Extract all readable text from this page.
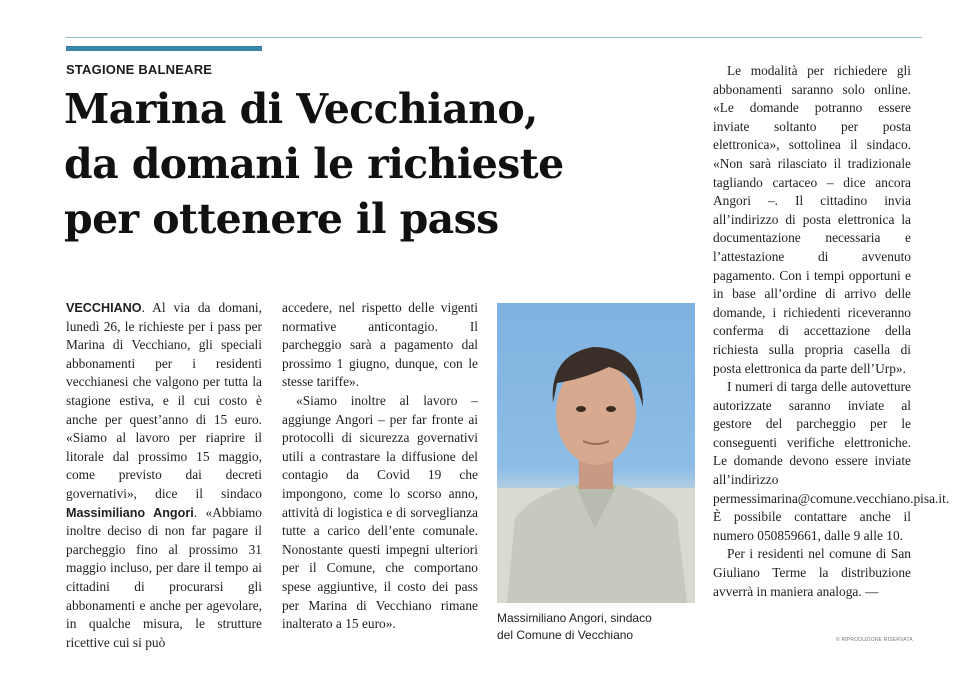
STAGIONE BALNEARE
Marina di Vecchiano,
da domani le richieste
per ottenere il pass

VECCHIANO. Al via da domani, lunedì 26, le richieste per i pass per Marina di Vecchiano, gli speciali abbonamenti per i residenti vecchianesi che valgono per tutta la stagione estiva, e il cui costo è anche per quest’anno di 15 euro. «Siamo al lavoro per riaprire il litorale dal prossimo 15 maggio, come previsto dai decreti governativi», dice il sindaco Massimiliano Angori. «Abbiamo inoltre deciso di non far pagare il parcheggio fino al prossimo 31 maggio incluso, per dare il tempo ai cittadini di procurarsi gli abbonamenti e anche per agevolare, in qualche misura, le strutture ricettive cui si può

accedere, nel rispetto delle vigenti normative anticontagio. Il parcheggio sarà a pagamento dal prossimo 1 giugno, dunque, con le stesse tariffe».

«Siamo inoltre al lavoro – aggiunge Angori – per far fronte ai protocolli di sicurezza governativi utili a contrastare la diffusione del contagio da Covid 19 che impongono, come lo scorso anno, attività di logistica e di sorveglianza tutte a carico dell’ente comunale. Nonostante questi impegni ulteriori per il Comune, che comportano spese aggiuntive, il costo dei pass per Marina di Vecchiano rimane inalterato a 15 euro».	Massimiliano Angori, sindaco
del Comune di Vecchiano

Le modalità per richiedere gli abbonamenti saranno solo online. «Le domande potranno essere inviate soltanto per posta elettronica», sottolinea il sindaco. «Non sarà rilasciato il tradizionale tagliando cartaceo – dice ancora Angori –. Il cittadino invia all’indirizzo di posta elettronica la documentazione necessaria e l’attestazione di avvenuto pagamento. Con i tempi opportuni e in base all’ordine di arrivo delle domande, i richiedenti riceveranno conferma di accettazione della richiesta sulla propria casella di posta elettronica da parte dell’Urp».

I numeri di targa delle autovetture autorizzate saranno inviate al gestore del parcheggio per le conseguenti verifiche elettroniche. Le domande devono essere inviate all’indirizzo permessimarina@comune.vecchiano.pisa.it. È possibile contattare anche il numero 050859661, dalle 9 alle 10.

Per i residenti nel comune di San Giuliano Terme la distribuzione avverrà in maniera analoga. —

© RIPRODUZIONE RISERVATA
